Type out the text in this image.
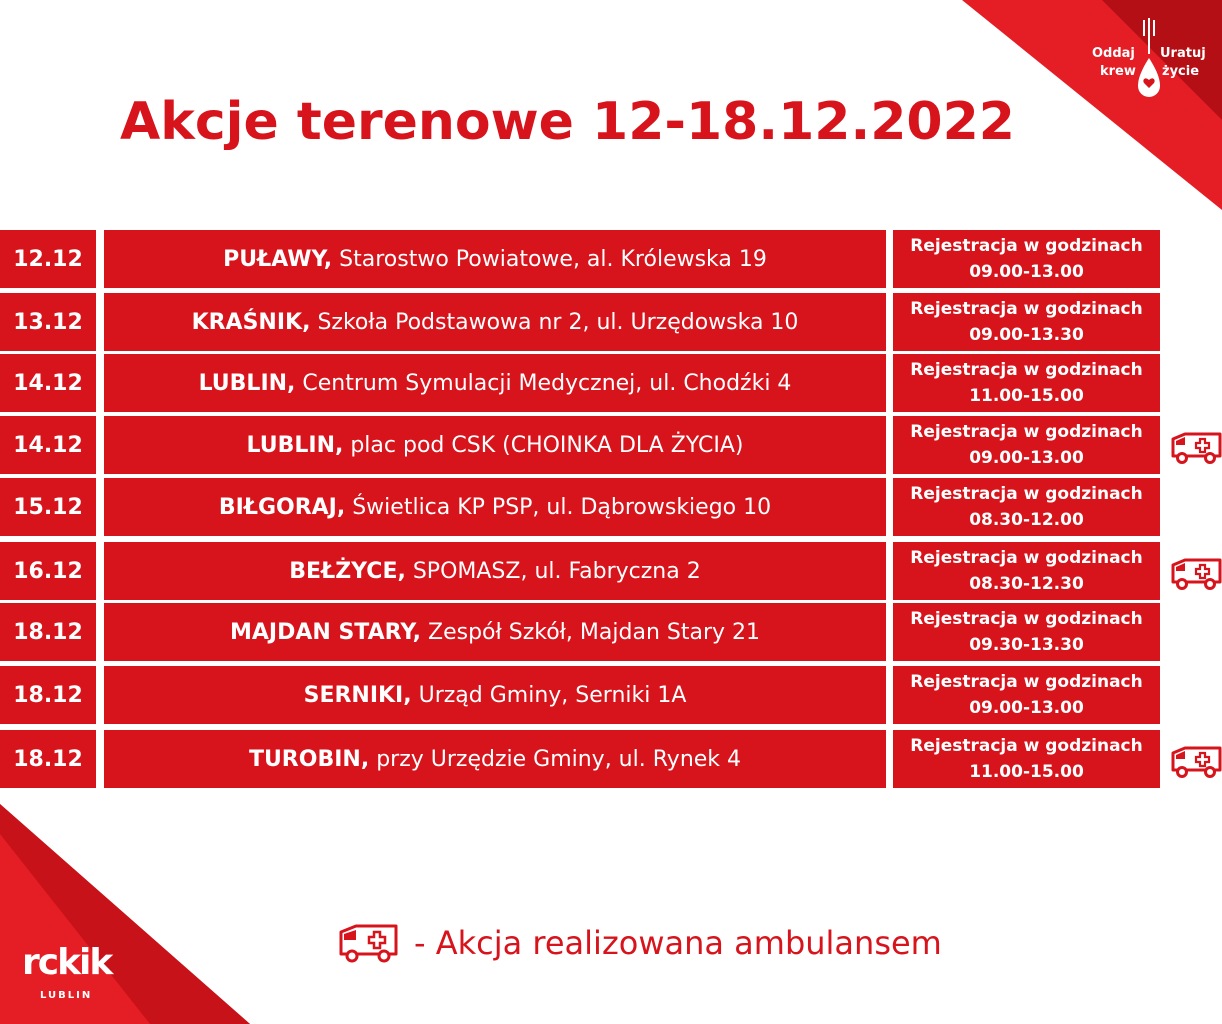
Oddaj
krew
Uratuj
życie
Akcje terenowe 12-18.12.2022
12.12	PUŁAWY, Starostwo Powiatowe, al. Królewska 19
Rejestracja w godzinach
09.00-13.00
13.12	KRAŚNIK, Szkoła Podstawowa nr 2, ul. Urzędowska 10
Rejestracja w godzinach
09.00-13.30
14.12	LUBLIN, Centrum Symulacji Medycznej, ul. Chodźki 4
Rejestracja w godzinach
11.00-15.00
14.12	LUBLIN, plac pod CSK (CHOINKA DLA ŻYCIA)
Rejestracja w godzinach
09.00-13.00
15.12	BIŁGORAJ, Świetlica KP PSP, ul. Dąbrowskiego 10
Rejestracja w godzinach
08.30-12.00
16.12	BEŁŻYCE, SPOMASZ, ul. Fabryczna 2
Rejestracja w godzinach
08.30-12.30
18.12	MAJDAN STARY, Zespół Szkół, Majdan Stary 21
Rejestracja w godzinach
09.30-13.30
18.12	SERNIKI, Urząd Gminy, Serniki 1A
Rejestracja w godzinach
09.00-13.00
18.12	TUROBIN, przy Urzędzie Gminy, ul. Rynek 4
Rejestracja w godzinach
11.00-15.00
- Akcja realizowana ambulansem
rckik
LUBLIN
